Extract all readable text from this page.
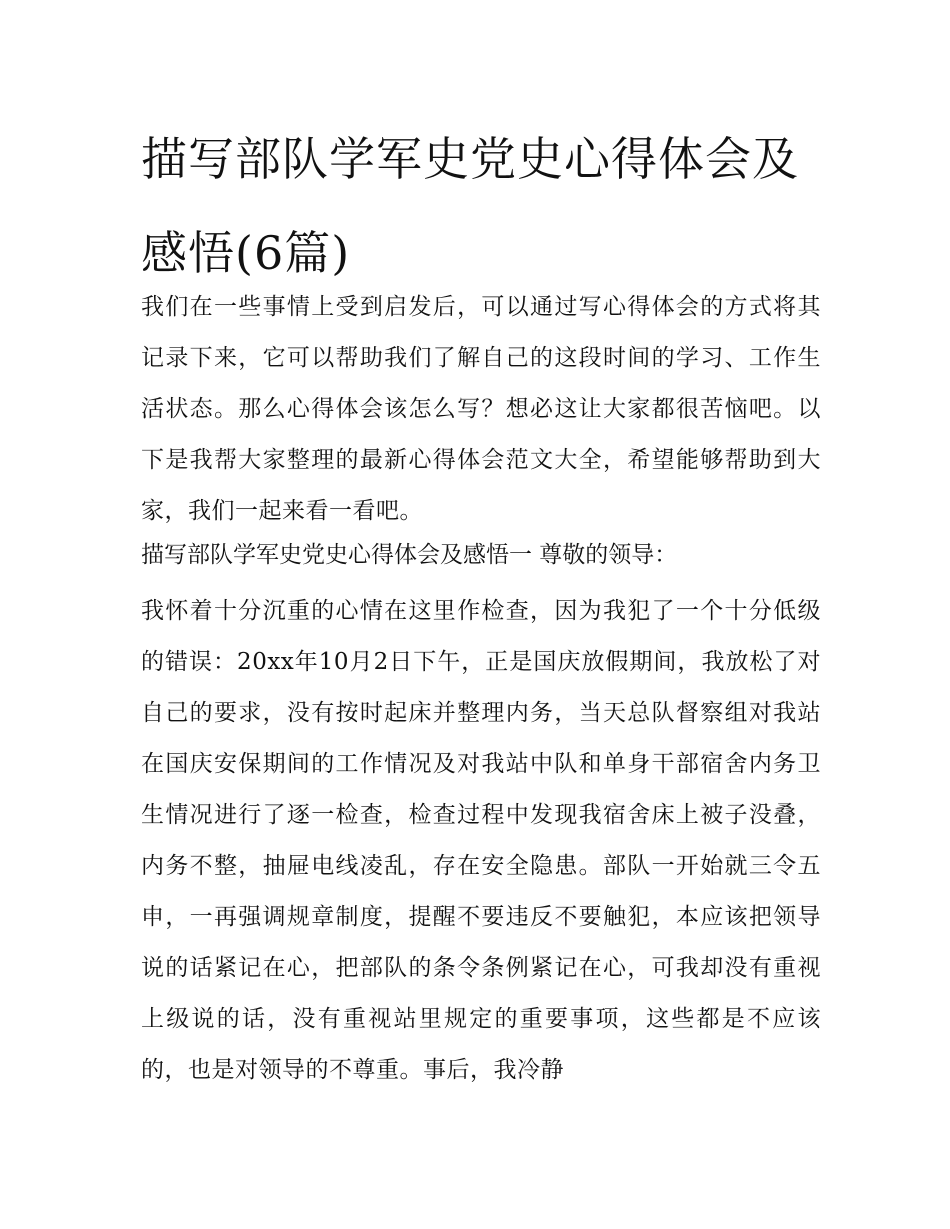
描写部队学军史党史心得体会及感悟(6篇)

我们在一些事情上受到启发后，可以通过写心得体会的方式将其记录下来，它可以帮助我们了解自己的这段时间的学习、工作生活状态。那么心得体会该怎么写？想必这让大家都很苦恼吧。以下是我帮大家整理的最新心得体会范文大全，希望能够帮助到大家，我们一起来看一看吧。

描写部队学军史党史心得体会及感悟一 尊敬的领导：

我怀着十分沉重的心情在这里作检查，因为我犯了一个十分低级的错误：20xx年10月2日下午，正是国庆放假期间，我放松了对自己的要求，没有按时起床并整理内务，当天总队督察组对我站在国庆安保期间的工作情况及对我站中队和单身干部宿舍内务卫生情况进行了逐一检查，检查过程中发现我宿舍床上被子没叠，内务不整，抽屉电线凌乱，存在安全隐患。部队一开始就三令五申，一再强调规章制度，提醒不要违反不要触犯，本应该把领导说的话紧记在心，把部队的条令条例紧记在心，可我却没有重视上级说的话，没有重视站里规定的重要事项，这些都是不应该的，也是对领导的不尊重。事后，我冷静
